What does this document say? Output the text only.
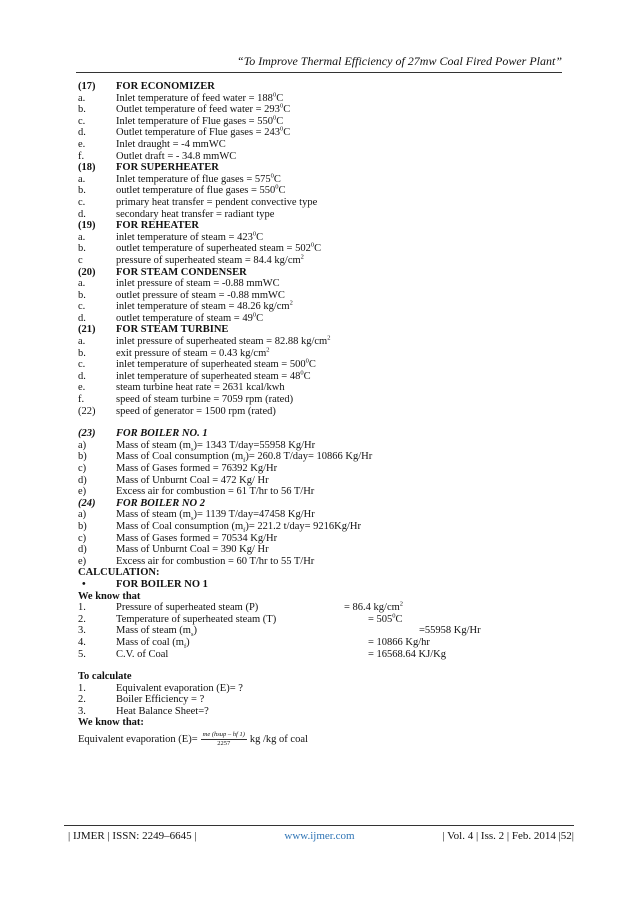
“To Improve Thermal Efficiency of 27mw Coal Fired Power Plant”
(17)	FOR ECONOMIZER
a.	Inlet temperature of feed water = $188^0C$
b.	Outlet temperature of feed water = $293^0C$
c.	Inlet temperature of Flue gases = $550^0C$
d.	Outlet temperature of Flue gases = $243^0C$
e.	Inlet draught = -4 mmWC
f.	Outlet draft = - 34.8 mmWC
(18)	FOR SUPERHEATER
a.	Inlet temperature of flue gases = $575^0C$
b.	outlet temperature of flue gases = $550^0C$
c.	primary heat transfer = pendent convective type
d.	secondary heat transfer = radiant type
(19)	FOR REHEATER
a.	inlet temperature of steam = $423^0C$
b.	outlet temperature of superheated steam = $502^0C$
c	pressure of superheated steam = 84.4 $kg/cm^2$
(20)	FOR STEAM CONDENSER
a.	inlet pressure of steam = -0.88 mmWC
b.	outlet pressure of steam = -0.88 mmWC
c.	inlet temperature of steam = 48.26 $kg/cm^2$
d.	outlet temperature of steam = $49^0C$
(21)	FOR STEAM TURBINE
a.	inlet pressure of superheated steam = 82.88 $kg/cm^2$
b.	exit pressure of steam = 0.43 $kg/cm^2$
c.	inlet temperature of superheated steam = $500^0C$
d.	inlet temperature of superheated steam = $48^0C$
e.	steam turbine heat rate = 2631 kcal/kwh
f.	speed of steam turbine = 7059 rpm (rated)
(22)	speed of generator = 1500 rpm (rated)
(23)	FOR BOILER NO. 1
a)	Mass of steam $(m_s)= 1343$ T/day=55958 Kg/Hr
b)	Mass of Coal consumption $(m_f)= 260.8$ T/day= 10866 Kg/Hr
c)	Mass of Gases formed = 76392 Kg/Hr
d)	Mass of Unburnt Coal = 472 Kg/ Hr
e)	Excess air for combustion = 61 T/hr to 56 T/Hr
(24)	FOR BOILER NO 2
a)	Mass of steam $(m_s)= 1139$ T/day=47458 Kg/Hr
b)	Mass of Coal consumption $(m_f)= 221.2$ t/day= 9216Kg/Hr
c)	Mass of Gases formed = 70534 Kg/Hr
d)	Mass of Unburnt Coal = 390 Kg/ Hr
e)	Excess air for combustion = 60 T/hr to 55 T/Hr
CALCULATION:
•	FOR BOILER NO 1
We know that
1.	Pressure of superheated steam (P)	= 86.4 $kg/cm^2$
2.	Temperature of superheated steam (T)	= $505^0C$
3.	Mass of steam $(m_s)$	=55958 Kg/Hr
4.	Mass of coal $(m_f)$	= 10866 Kg/hr
5.	C.V. of Coal	= 16568.64 KJ/Kg
To calculate
1.	Equivalent evaporation (E)= ?
2.	Boiler Efficiency = ?
3.	Heat Balance Sheet=?
We know that:
Equivalent evaporation $(E)= \frac{\text{me (hsup – hf 1)}}{2257}$ kg /kg of coal
| IJMER | ISSN: 2249–6645 |	www.ijmer.com	| Vol. 4 | Iss. 2 | Feb. 2014 |52|
